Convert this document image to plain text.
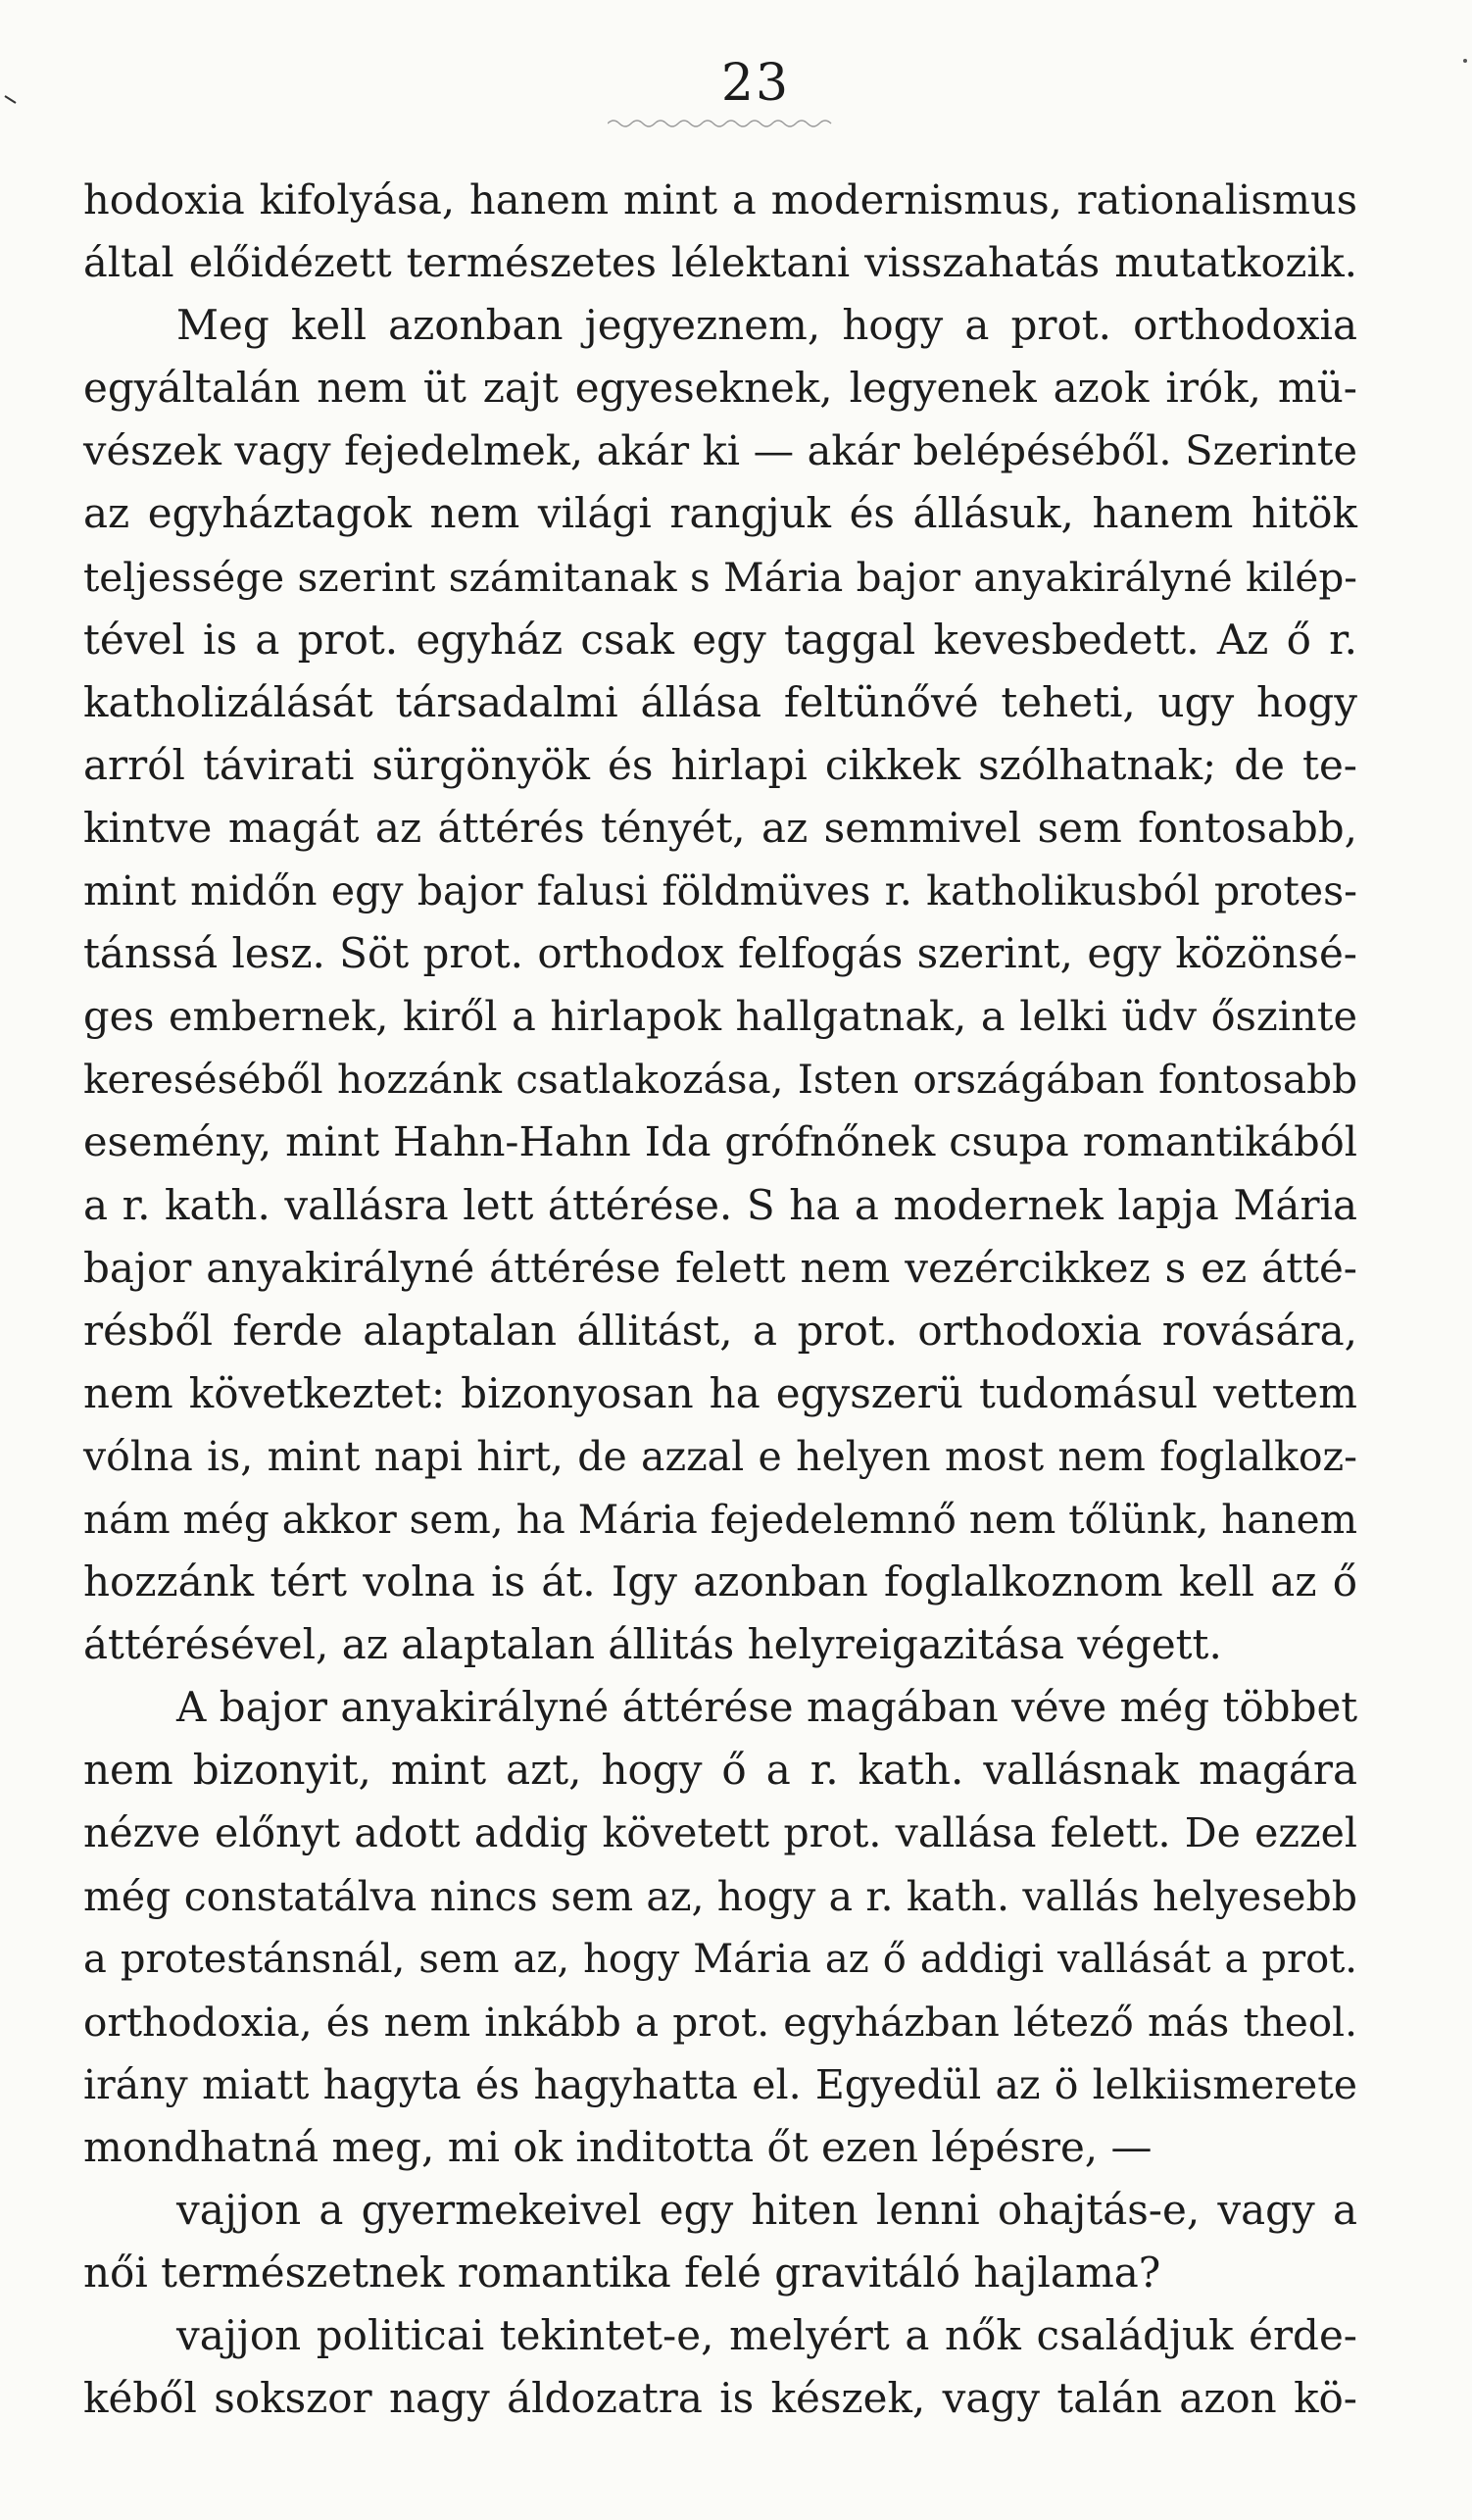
23
hodoxia kifolyása, hanem mint a modernismus, rationalismus
által előidézett természetes lélektani visszahatás mutatkozik.
Meg kell azonban jegyeznem, hogy a prot. orthodoxia
egyáltalán nem üt zajt egyeseknek, legyenek azok irók, mü-
vészek vagy fejedelmek, akár ki — akár belépéséből. Szerinte
az egyháztagok nem világi rangjuk és állásuk, hanem hitök
teljessége szerint számitanak s Mária bajor anyakirályné kilép-
tével is a prot. egyház csak egy taggal kevesbedett. Az ő r.
katholizálását társadalmi állása feltünővé teheti, ugy hogy
arról távirati sürgönyök és hirlapi cikkek szólhatnak; de te-
kintve magát az áttérés tényét, az semmivel sem fontosabb,
mint midőn egy bajor falusi földmüves r. katholikusból protes-
tánssá lesz. Söt prot. orthodox felfogás szerint, egy közönsé-
ges embernek, kiről a hirlapok hallgatnak, a lelki üdv őszinte
kereséséből hozzánk csatlakozása, Isten országában fontosabb
esemény, mint Hahn-Hahn Ida grófnőnek csupa romantikából
a r. kath. vallásra lett áttérése. S ha a modernek lapja Mária
bajor anyakirályné áttérése felett nem vezércikkez s ez átté-
résből ferde alaptalan állitást, a prot. orthodoxia rovására,
nem következtet: bizonyosan ha egyszerü tudomásul vettem
vólna is, mint napi hirt, de azzal e helyen most nem foglalkoz-
nám még akkor sem, ha Mária fejedelemnő nem tőlünk, hanem
hozzánk tért volna is át. Igy azonban foglalkoznom kell az ő
áttérésével, az alaptalan állitás helyreigazitása végett.
A bajor anyakirályné áttérése magában véve még többet
nem bizonyit, mint azt, hogy ő a r. kath. vallásnak magára
nézve előnyt adott addig követett prot. vallása felett. De ezzel
még constatálva nincs sem az, hogy a r. kath. vallás helyesebb
a protestánsnál, sem az, hogy Mária az ő addigi vallását a prot.
orthodoxia, és nem inkább a prot. egyházban létező más theol.
irány miatt hagyta és hagyhatta el. Egyedül az ö lelkiismerete
mondhatná meg, mi ok inditotta őt ezen lépésre, —
vajjon a gyermekeivel egy hiten lenni ohajtás-e, vagy a
női természetnek romantika felé gravitáló hajlama?
vajjon politicai tekintet-e, melyért a nők családjuk érde-
kéből sokszor nagy áldozatra is készek, vagy talán azon kö-
